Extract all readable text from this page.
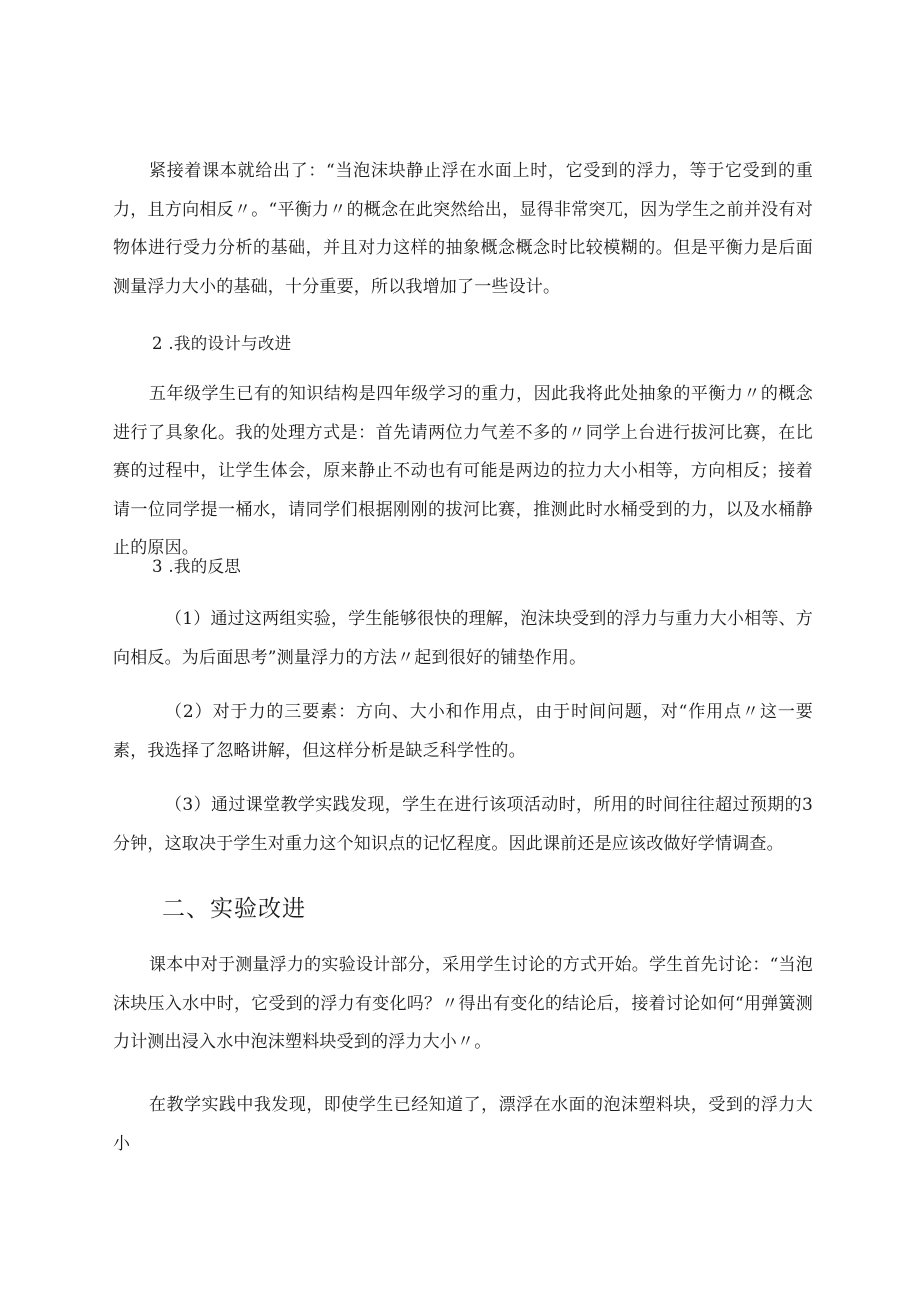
紧接着课本就给出了：“当泡沫块静止浮在水面上时，它受到的浮力，等于它受到的重力，且方向相反〃。“平衡力〃的概念在此突然给出，显得非常突兀，因为学生之前并没有对物体进行受力分析的基础，并且对力这样的抽象概念概念时比较模糊的。但是平衡力是后面测量浮力大小的基础，十分重要，所以我增加了一些设计。

2 .我的设计与改进

五年级学生已有的知识结构是四年级学习的重力，因此我将此处抽象的平衡力〃的概念进行了具象化。我的处理方式是：首先请两位力气差不多的〃同学上台进行拔河比赛，在比赛的过程中，让学生体会，原来静止不动也有可能是两边的拉力大小相等，方向相反；接着请一位同学提一桶水，请同学们根据刚刚的拔河比赛，推测此时水桶受到的力，以及水桶静止的原因。

3 .我的反思

（1）通过这两组实验，学生能够很快的理解，泡沫块受到的浮力与重力大小相等、方向相反。为后面思考”测量浮力的方法〃起到很好的铺垫作用。

（2）对于力的三要素：方向、大小和作用点，由于时间问题，对“作用点〃这一要素，我选择了忽略讲解，但这样分析是缺乏科学性的。

（3）通过课堂教学实践发现，学生在进行该项活动时，所用的时间往往超过预期的3分钟，这取决于学生对重力这个知识点的记忆程度。因此课前还是应该改做好学情调查。

二、实验改进

课本中对于测量浮力的实验设计部分，采用学生讨论的方式开始。学生首先讨论：“当泡沫块压入水中时，它受到的浮力有变化吗？〃得出有变化的结论后，接着讨论如何“用弹簧测力计测出浸入水中泡沫塑料块受到的浮力大小〃。

在教学实践中我发现，即使学生已经知道了，漂浮在水面的泡沫塑料块，受到的浮力大小
